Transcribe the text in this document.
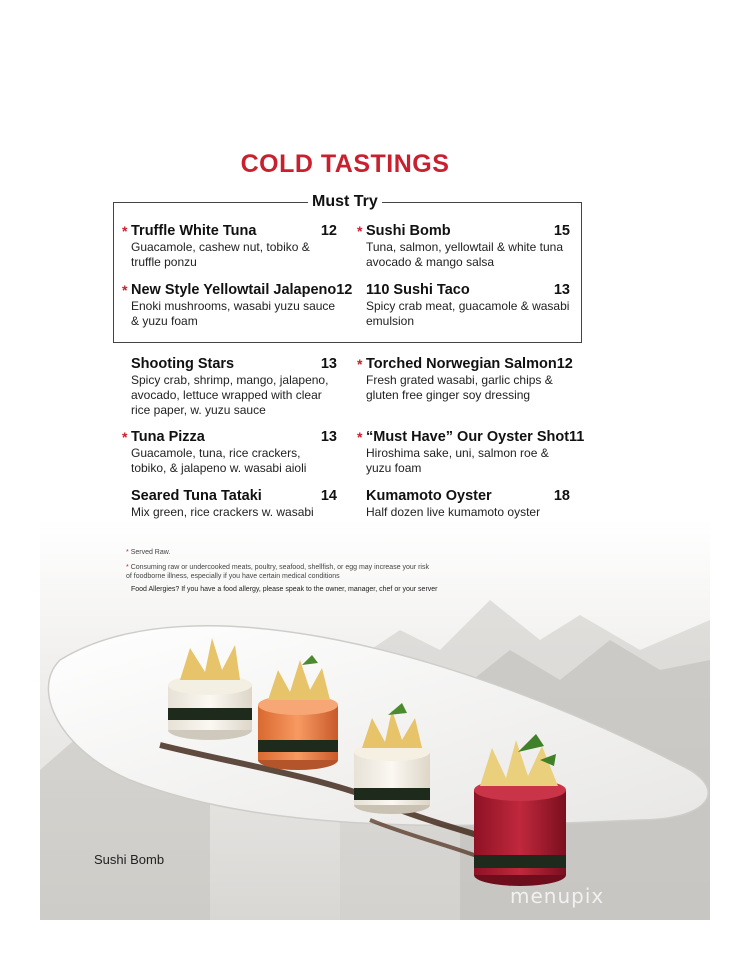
COLD TASTINGS
Must Try
* Truffle White Tuna	12
Guacamole, cashew nut, tobiko & truffle ponzu
* Sushi Bomb	15
Tuna, salmon, yellowtail & white tuna avocado & mango salsa
* New Style Yellowtail Jalapeno 12
Enoki mushrooms, wasabi yuzu sauce & yuzu foam
110 Sushi Taco	13
Spicy crab meat, guacamole & wasabi emulsion
Shooting Stars	13
Spicy crab, shrimp, mango, jalapeno, avocado, lettuce wrapped with clear rice paper, w. yuzu sauce
* Torched Norwegian Salmon 12
Fresh grated wasabi, garlic chips & gluten free ginger soy dressing
* Tuna Pizza	13
Guacamole, tuna, rice crackers, tobiko, & jalapeno w. wasabi aioli
* “Must Have” Our Oyster Shot 11
Hiroshima sake, uni, salmon roe & yuzu foam
Seared Tuna Tataki	14
Mix green, rice crackers w. wasabi
Kumamoto Oyster	18
Half dozen live kumamoto oyster
* Served Raw.
* Consuming raw or undercooked meats, poultry, seafood, shellfish, or egg may increase your risk of foodborne illness, especially if you have certain medical conditions
Food Allergies? If you have a food allergy, please speak to the owner, manager, chef or your server
Sushi Bomb
menupix
